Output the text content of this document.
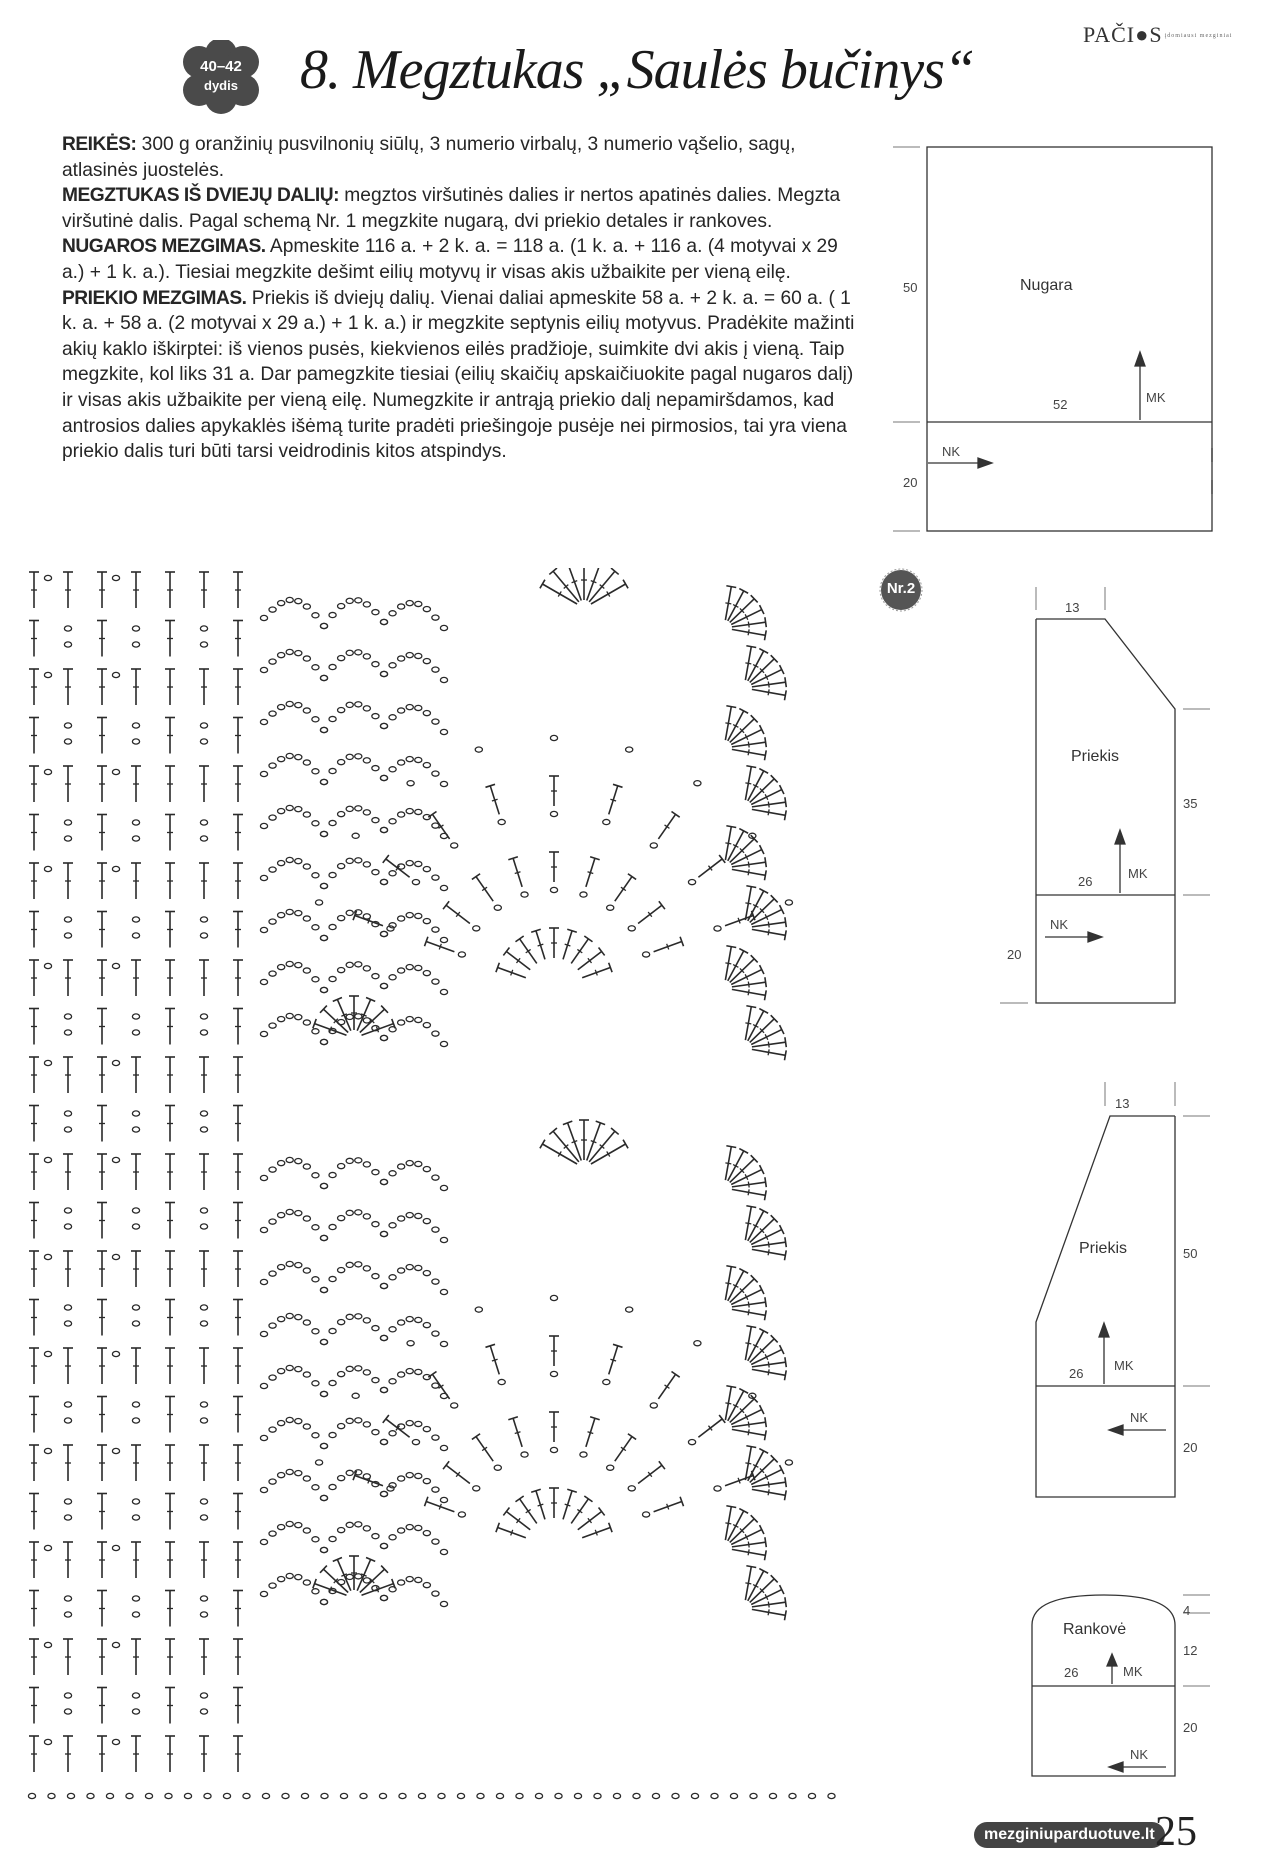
PAČI●S įdomiausi mezginiai
40–42
dydis	8. Megztukas „Saulės bučinys“

REIKĖS: 300 g oranžinių pusvilnonių siūlų, 3 numerio virbalų, 3 numerio vąšelio, sagų, atlasinės juostelės.

MEGZTUKAS IŠ DVIEJŲ DALIŲ: megztos viršutinės dalies ir nertos apatinės dalies. Megzta viršutinė dalis. Pagal schemą Nr. 1 megzkite nugarą, dvi priekio detales ir rankoves.

NUGAROS MEZGIMAS. Apmeskite 116 a. + 2 k. a. = 118 a. (1 k. a. + 116 a. (4 motyvai x 29 a.) + 1 k. a.). Tiesiai megzkite dešimt eilių motyvų ir visas akis užbaikite per vieną eilę.

PRIEKIO MEZGIMAS. Priekis iš dviejų dalių. Vienai daliai apmeskite 58 a. + 2 k. a. = 60 a. ( 1 k. a. + 58 a. (2 motyvai x 29 a.) + 1 k. a.) ir megzkite septynis eilių motyvus. Pradėkite mažinti akių kaklo iškirptei: iš vienos pusės, kiekvienos eilės pradžioje, suimkite dvi akis į vieną. Taip megzkite, kol liks 31 a. Dar pamegzkite tiesiai (eilių skaičių apskaičiuokite pagal nugaros dalį) ir visas akis užbaikite per vieną eilę. Numegzkite ir antrąją priekio dalį nepamiršdamos, kad antrosios dalies apykaklės išėmą turite pradėti priešingoje pusėje nei pirmosios, tai yra viena priekio dalis turi būti tarsi veidrodinis kitos atspindys.

Nugara
50
20
52	MK
NK
Nr.2
Priekis
13
35
20
26
MK
NK
Priekis
13
50
20
26
MK
NK
Rankovė
4
12
20
26	MK
NK
mezginiuparduotuve.lt 25
